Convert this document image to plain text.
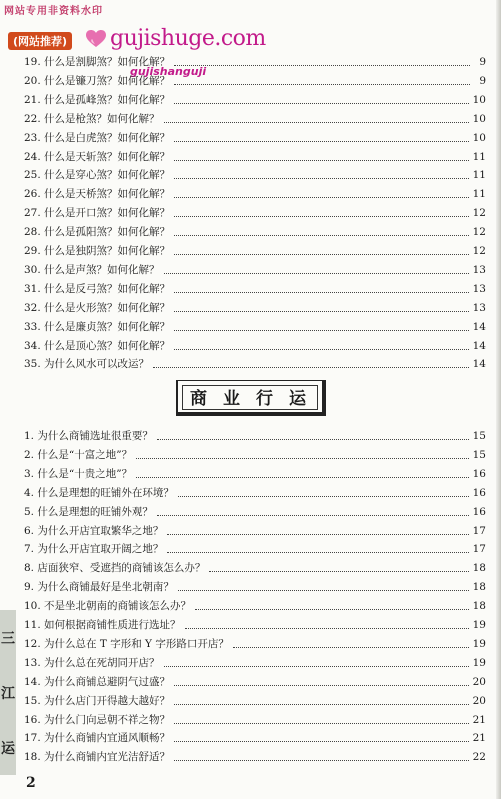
网站专用非资料水印
(网站推荐) gujishuge.com
gujishanguji
19. 什么是割脚煞？如何化解？	9
20. 什么是镰刀煞？如何化解？	9
21. 什么是孤峰煞？如何化解？	10
22. 什么是枪煞？如何化解？	10
23. 什么是白虎煞？如何化解？	10
24. 什么是天斩煞？如何化解？	11
25. 什么是穿心煞？如何化解？	11
26. 什么是天桥煞？如何化解？	11
27. 什么是开口煞？如何化解？	12
28. 什么是孤阳煞？如何化解？	12
29. 什么是独阴煞？如何化解？	12
30. 什么是声煞？如何化解？	13
31. 什么是反弓煞？如何化解？	13
32. 什么是火形煞？如何化解？	13
33. 什么是廉贞煞？如何化解？	14
34. 什么是顶心煞？如何化解？	14
35. 为什么风水可以改运？	14
商 业 行 运
1. 为什么商铺选址很重要？	15
2. 什么是“十富之地”？	15
3. 什么是“十贵之地”？	16
4. 什么是理想的旺铺外在环境？	16
5. 什么是理想的旺铺外观？	16
6. 为什么开店宜取繁华之地？	17
7. 为什么开店宜取开阔之地？	17
8. 店面狭窄、受遮挡的商铺该怎么办？	18
9. 为什么商铺最好是坐北朝南？	18
10. 不是坐北朝南的商铺该怎么办？	18
11. 如何根据商铺性质进行选址？	19
12. 为什么总在 T 字形和 Y 字形路口开店？	19
13. 为什么总在死胡同开店？	19
14. 为什么商铺总避阴气过盛？	20
15. 为什么店门开得越大越好？	20
16. 为什么门向忌朝不祥之物？	21
17. 为什么商铺内宜通风顺畅？	21
18. 为什么商铺内宜光洁舒适？	22
三
江
运
2
